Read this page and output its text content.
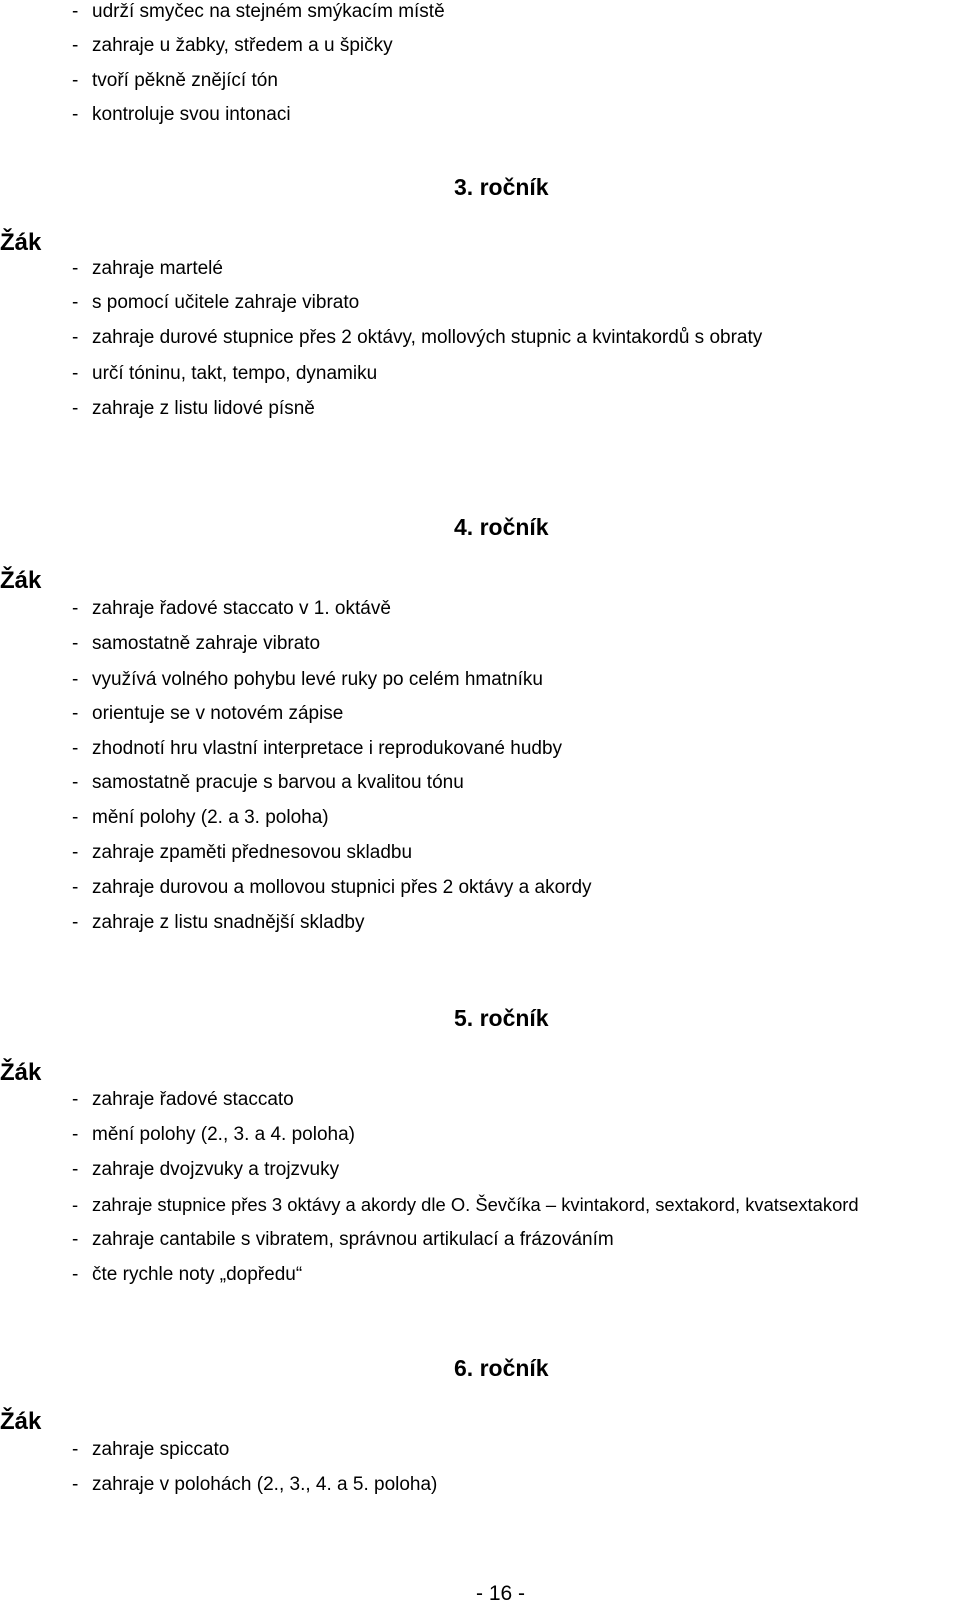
- udrží smyčec na stejném smýkacím místě
- zahraje u žabky, středem a u špičky
- tvoří pěkně znějící tón
- kontroluje svou intonaci
3. ročník
Žák
- zahraje martelé
- s pomocí učitele zahraje vibrato
- zahraje durové stupnice přes 2 oktávy, mollových stupnic a kvintakordů s obraty
- určí tóninu, takt, tempo, dynamiku
- zahraje z listu lidové písně
4. ročník
Žák
- zahraje řadové staccato v 1. oktávě
- samostatně zahraje vibrato
- využívá volného pohybu levé ruky po celém hmatníku
- orientuje se v notovém zápise
- zhodnotí hru vlastní interpretace i reprodukované hudby
- samostatně pracuje s barvou a kvalitou tónu
- mění polohy (2. a 3. poloha)
- zahraje zpaměti přednesovou skladbu
- zahraje durovou a mollovou stupnici přes 2 oktávy a akordy
- zahraje z listu snadnější skladby
5. ročník
Žák
- zahraje řadové staccato
- mění polohy (2., 3. a 4. poloha)
- zahraje dvojzvuky a trojzvuky
- zahraje stupnice přes 3 oktávy a akordy dle O. Ševčíka – kvintakord, sextakord, kvatsextakord
- zahraje cantabile s vibratem, správnou artikulací a frázováním
- čte rychle noty „dopředu“
6. ročník
Žák
- zahraje spiccato
- zahraje v polohách (2., 3., 4. a 5. poloha)
- 16 -
